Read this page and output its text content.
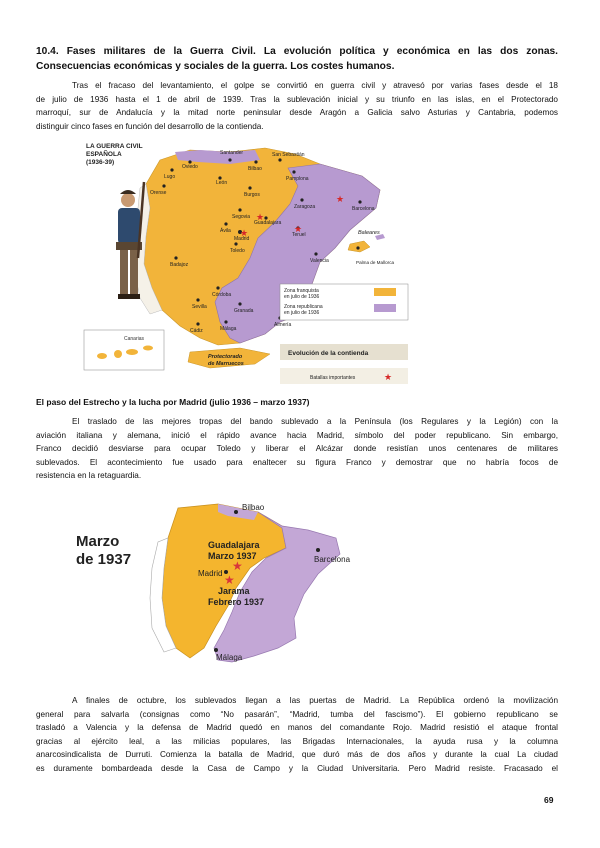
10.4. Fases militares de la Guerra Civil. La evolución política y económica en las dos zonas.
Consecuencias económicas y sociales de la guerra. Los costes humanos.
Tras el fracaso del levantamiento, el golpe se convirtió en guerra civil y atravesó por varias fases desde el 18
de julio de 1936 hasta el 1 de abril de 1939. Tras la sublevación inicial y su triunfo en las islas, en el Protectorado
marroquí, sur de Andalucía y la mitad norte peninsular desde Aragón a Galicia salvo Asturias y Cantabria, podemos
distinguir cinco fases en función del desarrollo de la contienda.
Canarias
LA GUERRA CIVIL
ESPAÑOLA
(1936-39)
Santander
Oviedo	Bilbao
San Sebastián
Pamplona
Lugo
León
Orense	Burgos
Zaragoza	Barcelona
Segovia
Guadalajara
Ávila
Madrid
Teruel
Toledo
Valencia
Badajoz
Córdoba
Granada
Sevilla
Málaga
Cádiz
Almería
Palma de Mallorca
Baleares
★
★
★
★
Protectorado
de Marruecos
Zona franquista
en julio de 1936
Zona republicana
en julio de 1936
Evolución de la contienda
Batallas importantes	★
El paso del Estrecho y la lucha por Madrid (julio 1936 – marzo 1937)
El traslado de las mejores tropas del bando sublevado a la Península (los Regulares y la Legión) con la
aviación italiana y alemana, inició el rápido avance hacia Madrid, símbolo del poder republicano. Sin embargo,
Franco decidió desviarse para ocupar Toledo y liberar el Alcázar donde resistían unos centenares de militares
sublevados. El acontecimiento fue usado para enaltecer su figura Franco y demostrar que no habría focos de
resistencia en la retaguardia.
Marzo
de 1937
Bilbao
Guadalajara
Marzo 1937
★
Madrid ★
Jarama
Febrero 1937
Barcelona
Málaga
A finales de octubre, los sublevados llegan a las puertas de Madrid. La República ordenó la movilización
general para salvarla (consignas como “No pasarán”, “Madrid, tumba del fascismo”). El gobierno republicano se
trasladó a Valencia y la defensa de Madrid quedó en manos del comandante Rojo. Madrid resistió el ataque frontal
gracias al ejército leal, a las milicias populares, las Brigadas Internacionales, la ayuda rusa y la columna
anarcosindicalista de Durruti. Comienza la batalla de Madrid, que duró más de dos años y durante la cual La ciudad
es duramente bombardeada desde la Casa de Campo y la Ciudad Universitaria. Pero Madrid resiste. Fracasado el
69
